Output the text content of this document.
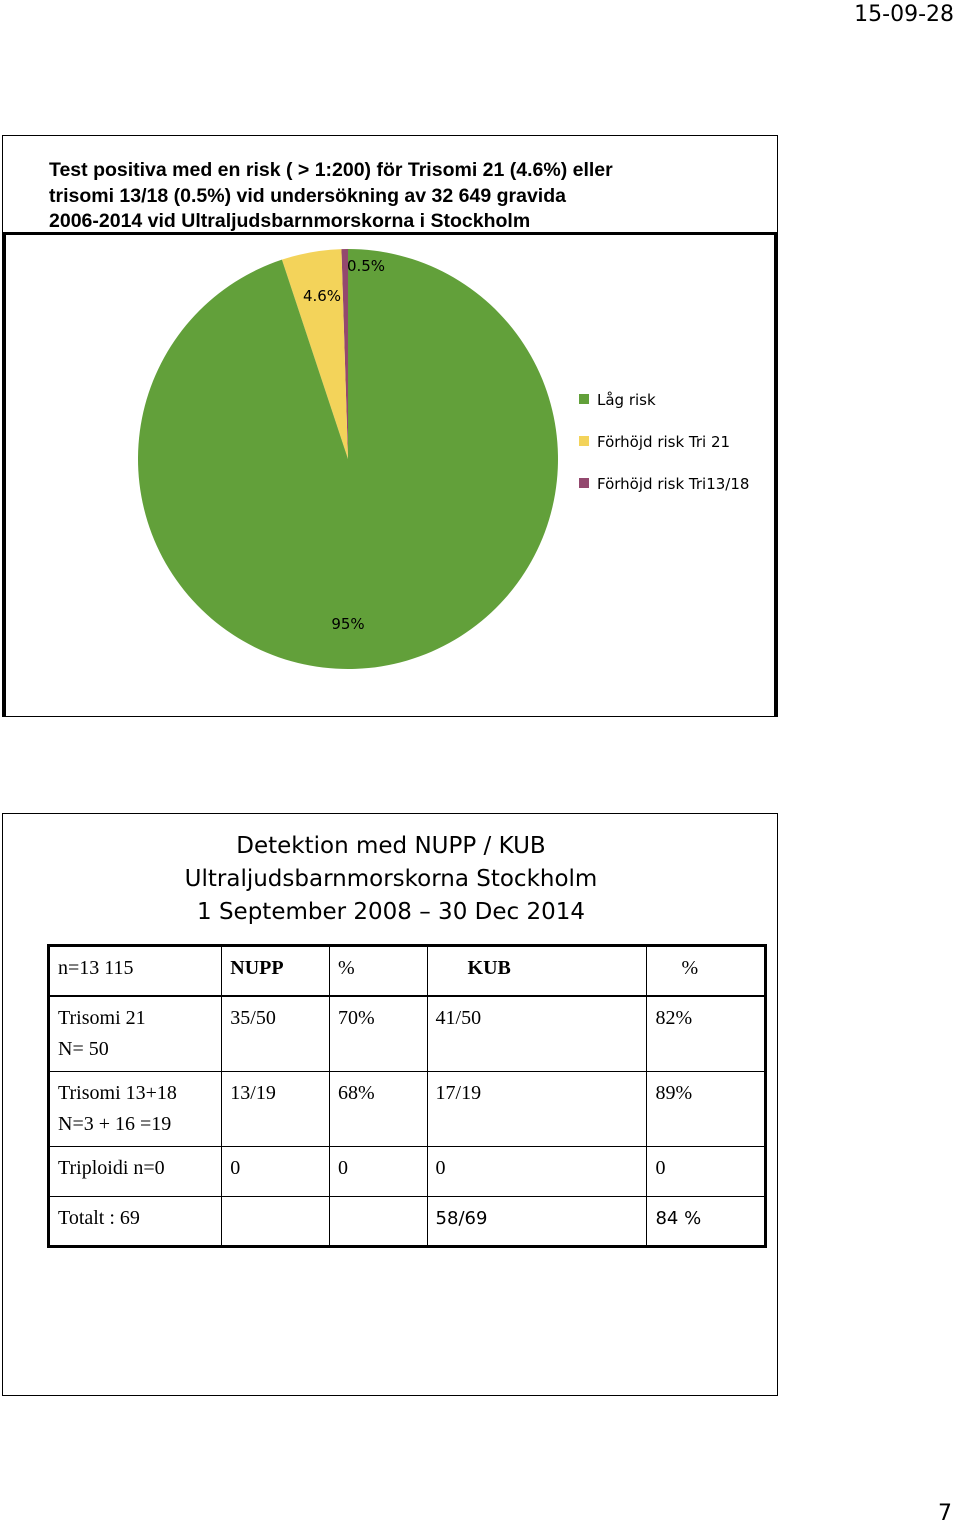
15-09-28
Test positiva med en risk ( > 1:200) för Trisomi 21 (4.6%) eller
trisomi 13/18 (0.5%) vid undersökning av 32 649 gravida
2006-2014 vid Ultraljudsbarnmorskorna i Stockholm
95%
4.6%
0.5%
Låg risk
Förhöjd risk Tri 21
Förhöjd risk Tri13/18
Detektion med NUPP / KUB
Ultraljudsbarnmorskorna Stockholm
1 September 2008 – 30 Dec 2014
n=13 115	NUPP	%	KUB	%

Trisomi 21
N= 50	35/50	70%	41/50	82%

Trisomi 13+18
N=3 + 16 =19	13/19	68%	17/19	89%
Triploidi n=0	0	0	0	0
Totalt : 69			58/69	84 %
7
